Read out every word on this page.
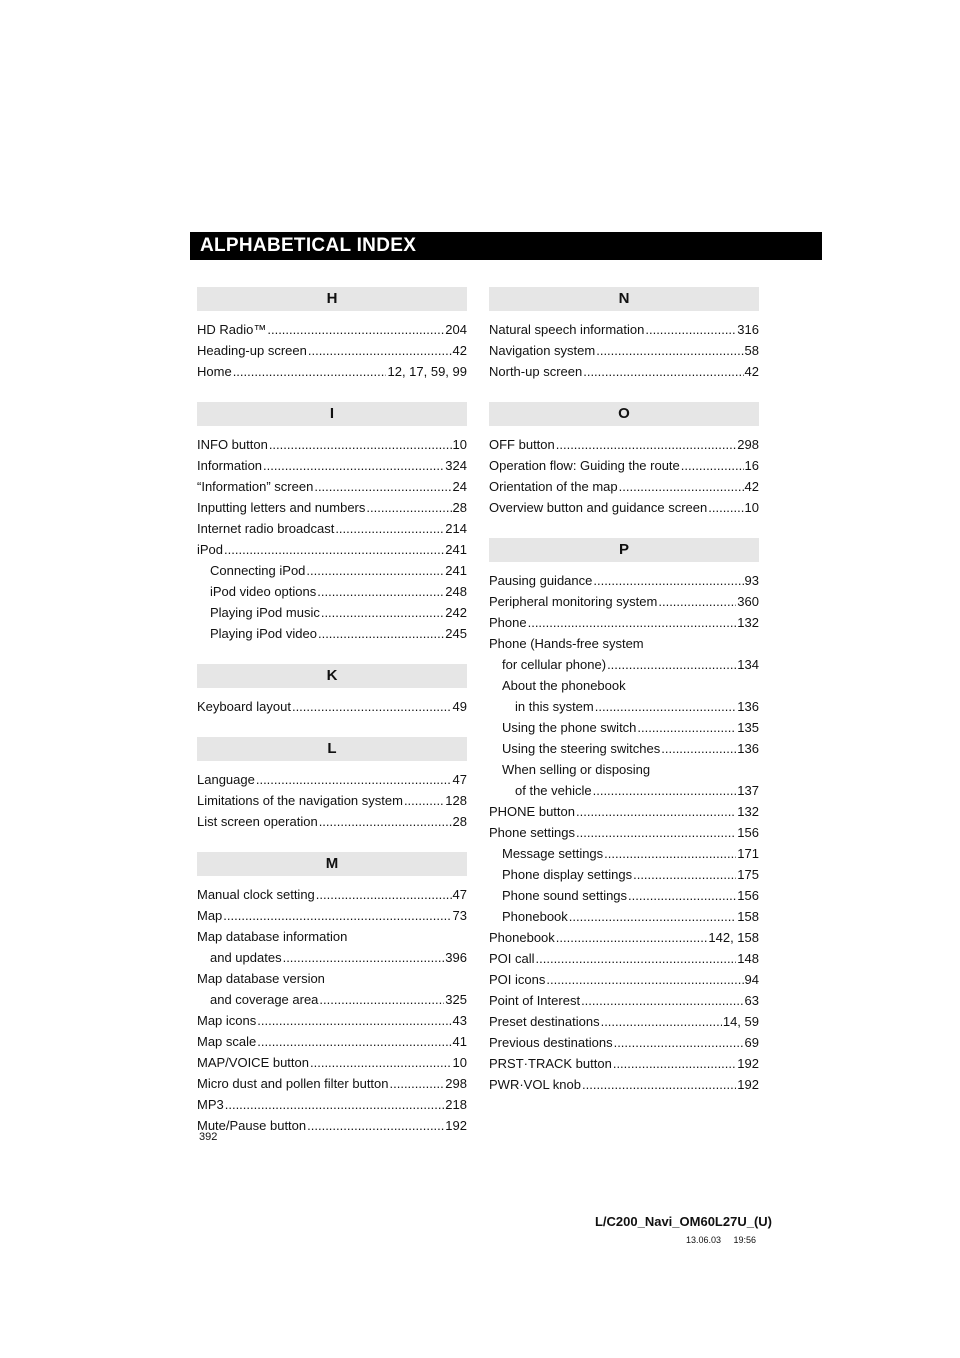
ALPHABETICAL INDEX
H
HD Radio™ .....	204
Heading-up screen .....	42
Home .....	12, 17, 59, 99
I
INFO button .....	10
Information .....	324
“Information” screen .....	24
Inputting letters and numbers .....	28
Internet radio broadcast .....	214
iPod .....	241
Connecting iPod .....	241
iPod video options .....	248
Playing iPod music .....	242
Playing iPod video .....	245
K
Keyboard layout .....	49
L
Language .....	47
Limitations of the navigation system .....	128
List screen operation .....	28
M
Manual clock setting .....	47
Map .....	73
Map database information
and updates .....	396
Map database version
and coverage area .....	325
Map icons .....	43
Map scale .....	41
MAP/VOICE button .....	10
Micro dust and pollen filter button .....	298
MP3 .....	218
Mute/Pause button .....	192
N
Natural speech information .....	316
Navigation system .....	58
North-up screen .....	42
O
OFF button .....	298
Operation flow: Guiding the route .....	16
Orientation of the map .....	42
Overview button and guidance screen .....	10
P
Pausing guidance .....	93
Peripheral monitoring system .....	360
Phone .....	132
Phone (Hands-free system
for cellular phone) .....	134
About the phonebook
in this system .....	136
Using the phone switch .....	135
Using the steering switches .....	136
When selling or disposing
of the vehicle .....	137
PHONE button .....	132
Phone settings .....	156
Message settings .....	171
Phone display settings .....	175
Phone sound settings .....	156
Phonebook .....	158
Phonebook .....	142, 158
POI call .....	148
POI icons .....	94
Point of Interest .....	63
Preset destinations .....	14, 59
Previous destinations .....	69
PRST·TRACK button .....	192
PWR·VOL knob .....	192
392
L/C200_Navi_OM60L27U_(U)
13.06.03     19:56
